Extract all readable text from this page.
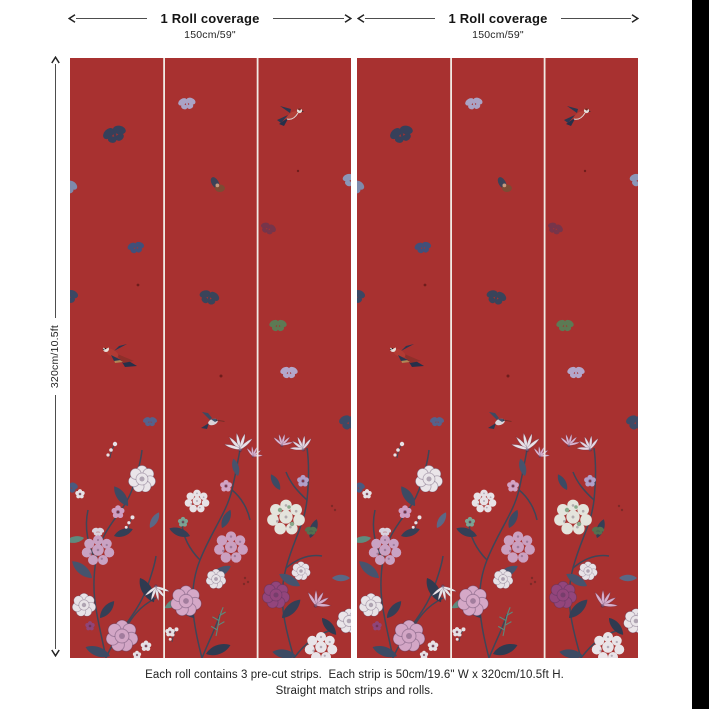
1 Roll coverage
150cm/59"
1 Roll coverage
150cm/59"
320cm/10.5ft
Each roll contains 3 pre-cut strips.  Each strip is 50cm/19.6" W x 320cm/10.5ft H.
Straight match strips and rolls.
